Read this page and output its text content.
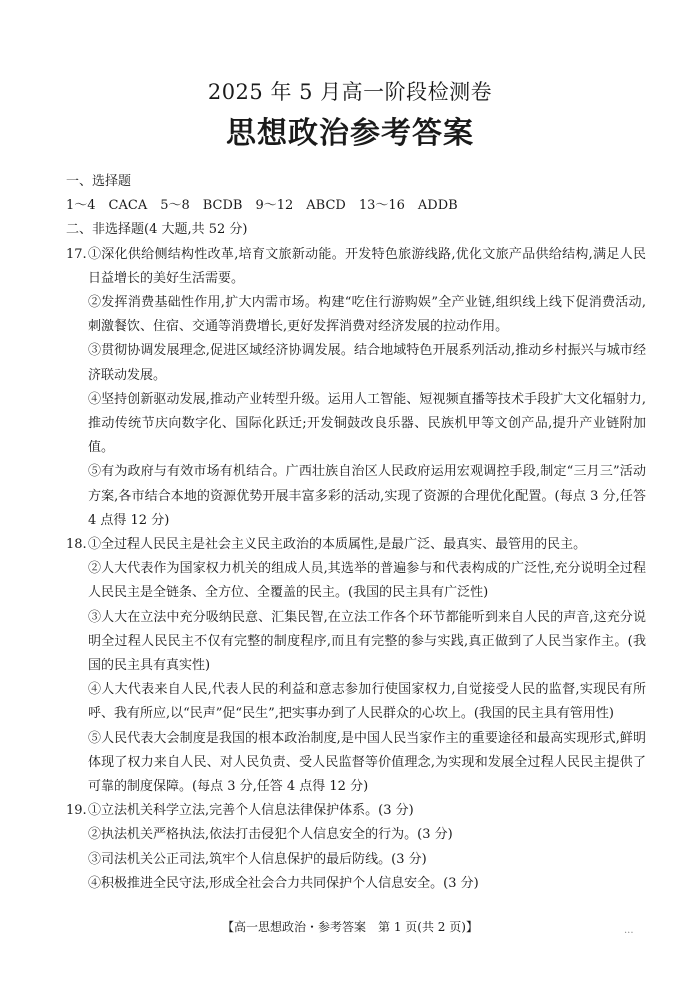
2025 年 5 月高一阶段检测卷
思想政治参考答案

一、选择题

1～4　CACA　5～8　BCDB　9～12　ABCD　13～16　ADDB

二、非选择题(4 大题,共 52 分)

17. ①深化供给侧结构性改革,培育文旅新动能。开发特色旅游线路,优化文旅产品供给结构,满足人民日益增长的美好生活需要。

②发挥消费基础性作用,扩大内需市场。构建“吃住行游购娱”全产业链,组织线上线下促消费活动,刺激餐饮、住宿、交通等消费增长,更好发挥消费对经济发展的拉动作用。

③贯彻协调发展理念,促进区域经济协调发展。结合地域特色开展系列活动,推动乡村振兴与城市经济联动发展。

④坚持创新驱动发展,推动产业转型升级。运用人工智能、短视频直播等技术手段扩大文化辐射力,推动传统节庆向数字化、国际化跃迁;开发铜鼓改良乐器、民族机甲等文创产品,提升产业链附加值。

⑤有为政府与有效市场有机结合。广西壮族自治区人民政府运用宏观调控手段,制定“三月三”活动方案,各市结合本地的资源优势开展丰富多彩的活动,实现了资源的合理优化配置。(每点 3 分,任答 4 点得 12 分)

18. ①全过程人民民主是社会主义民主政治的本质属性,是最广泛、最真实、最管用的民主。

②人大代表作为国家权力机关的组成人员,其选举的普遍参与和代表构成的广泛性,充分说明全过程人民民主是全链条、全方位、全覆盖的民主。(我国的民主具有广泛性)

③人大在立法中充分吸纳民意、汇集民智,在立法工作各个环节都能听到来自人民的声音,这充分说明全过程人民民主不仅有完整的制度程序,而且有完整的参与实践,真正做到了人民当家作主。(我国的民主具有真实性)

④人大代表来自人民,代表人民的利益和意志参加行使国家权力,自觉接受人民的监督,实现民有所呼、我有所应,以“民声”促“民生”,把实事办到了人民群众的心坎上。(我国的民主具有管用性)

⑤人民代表大会制度是我国的根本政治制度,是中国人民当家作主的重要途径和最高实现形式,鲜明体现了权力来自人民、对人民负责、受人民监督等价值理念,为实现和发展全过程人民民主提供了可靠的制度保障。(每点 3 分,任答 4 点得 12 分)

19. ①立法机关科学立法,完善个人信息法律保护体系。(3 分)

②执法机关严格执法,依法打击侵犯个人信息安全的行为。(3 分)

③司法机关公正司法,筑牢个人信息保护的最后防线。(3 分)

④积极推进全民守法,形成全社会合力共同保护个人信息安全。(3 分)

【高一思想政治・参考答案　第 1 页(共 2 页)】	...
